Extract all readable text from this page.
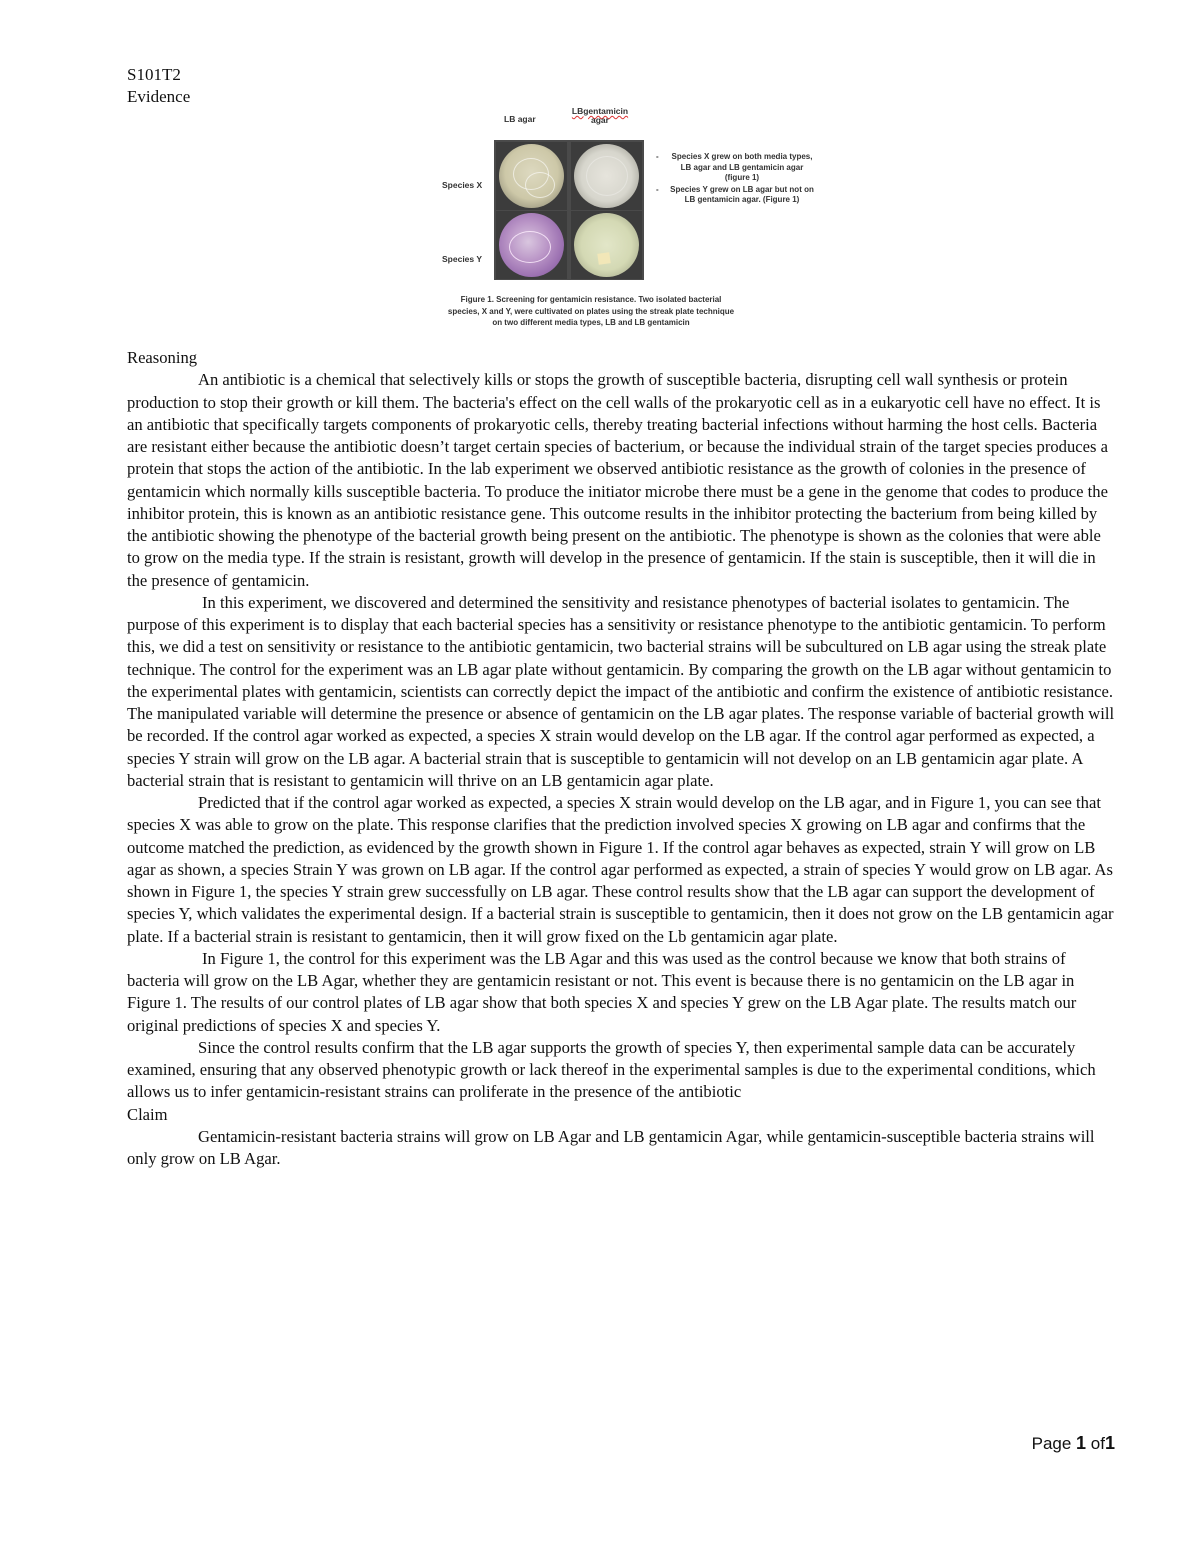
S101T2
Evidence
LB agar
LBgentamicin
agar
Species X
Species Y
- Species X grew on both media types, LB agar and LB gentamicin agar (figure 1)
- Species Y grew on LB agar but not on LB gentamicin agar. (Figure 1)
Figure 1. Screening for gentamicin resistance. Two isolated bacterial species, X and Y, were cultivated on plates using the streak plate technique on two different media types, LB and LB gentamicin

Reasoning

An antibiotic is a chemical that selectively kills or stops the growth of susceptible bacteria, disrupting cell wall synthesis or protein production to stop their growth or kill them. The bacteria's effect on the cell walls of the prokaryotic cell as in a eukaryotic cell have no effect. It is an antibiotic that specifically targets components of prokaryotic cells, thereby treating bacterial infections without harming the host cells. Bacteria are resistant either because the antibiotic doesn’t target certain species of bacterium, or because the individual strain of the target species produces a protein that stops the action of the antibiotic. In the lab experiment we observed antibiotic resistance as the growth of colonies in the presence of gentamicin which normally kills susceptible bacteria. To produce the initiator microbe there must be a gene in the genome that codes to produce the inhibitor protein, this is known as an antibiotic resistance gene. This outcome results in the inhibitor protecting the bacterium from being killed by the antibiotic showing the phenotype of the bacterial growth being present on the antibiotic. The phenotype is shown as the colonies that were able to grow on the media type. If the strain is resistant, growth will develop in the presence of gentamicin. If the stain is susceptible, then it will die in the presence of gentamicin.

In this experiment, we discovered and determined the sensitivity and resistance phenotypes of bacterial isolates to gentamicin. The purpose of this experiment is to display that each bacterial species has a sensitivity or resistance phenotype to the antibiotic gentamicin. To perform this, we did a test on sensitivity or resistance to the antibiotic gentamicin, two bacterial strains will be subcultured on LB agar using the streak plate technique. The control for the experiment was an LB agar plate without gentamicin. By comparing the growth on the LB agar without gentamicin to the experimental plates with gentamicin, scientists can correctly depict the impact of the antibiotic and confirm the existence of antibiotic resistance. The manipulated variable will determine the presence or absence of gentamicin on the LB agar plates. The response variable of bacterial growth will be recorded. If the control agar worked as expected, a species X strain would develop on the LB agar. If the control agar performed as expected, a species Y strain will grow on the LB agar. A bacterial strain that is susceptible to gentamicin will not develop on an LB gentamicin agar plate. A bacterial strain that is resistant to gentamicin will thrive on an LB gentamicin agar plate.

Predicted that if the control agar worked as expected, a species X strain would develop on the LB agar, and in Figure 1, you can see that species X was able to grow on the plate. This response clarifies that the prediction involved species X growing on LB agar and confirms that the outcome matched the prediction, as evidenced by the growth shown in Figure 1. If the control agar behaves as expected, strain Y will grow on LB agar as shown, a species Strain Y was grown on LB agar. If the control agar performed as expected, a strain of species Y would grow on LB agar. As shown in Figure 1, the species Y strain grew successfully on LB agar. These control results show that the LB agar can support the development of species Y, which validates the experimental design. If a bacterial strain is susceptible to gentamicin, then it does not grow on the LB gentamicin agar plate. If a bacterial strain is resistant to gentamicin, then it will grow fixed on the Lb gentamicin agar plate.

In Figure 1, the control for this experiment was the LB Agar and this was used as the control because we know that both strains of bacteria will grow on the LB Agar, whether they are gentamicin resistant or not. This event is because there is no gentamicin on the LB agar in Figure 1. The results of our control plates of LB agar show that both species X and species Y grew on the LB Agar plate. The results match our original predictions of species X and species Y.

Since the control results confirm that the LB agar supports the growth of species Y, then experimental sample data can be accurately examined, ensuring that any observed phenotypic growth or lack thereof in the experimental samples is due to the experimental conditions, which allows us to infer gentamicin-resistant strains can proliferate in the presence of the antibiotic

Claim

Gentamicin-resistant bacteria strains will grow on LB Agar and LB gentamicin Agar, while gentamicin-susceptible bacteria strains will only grow on LB Agar.

Page 1 of1
